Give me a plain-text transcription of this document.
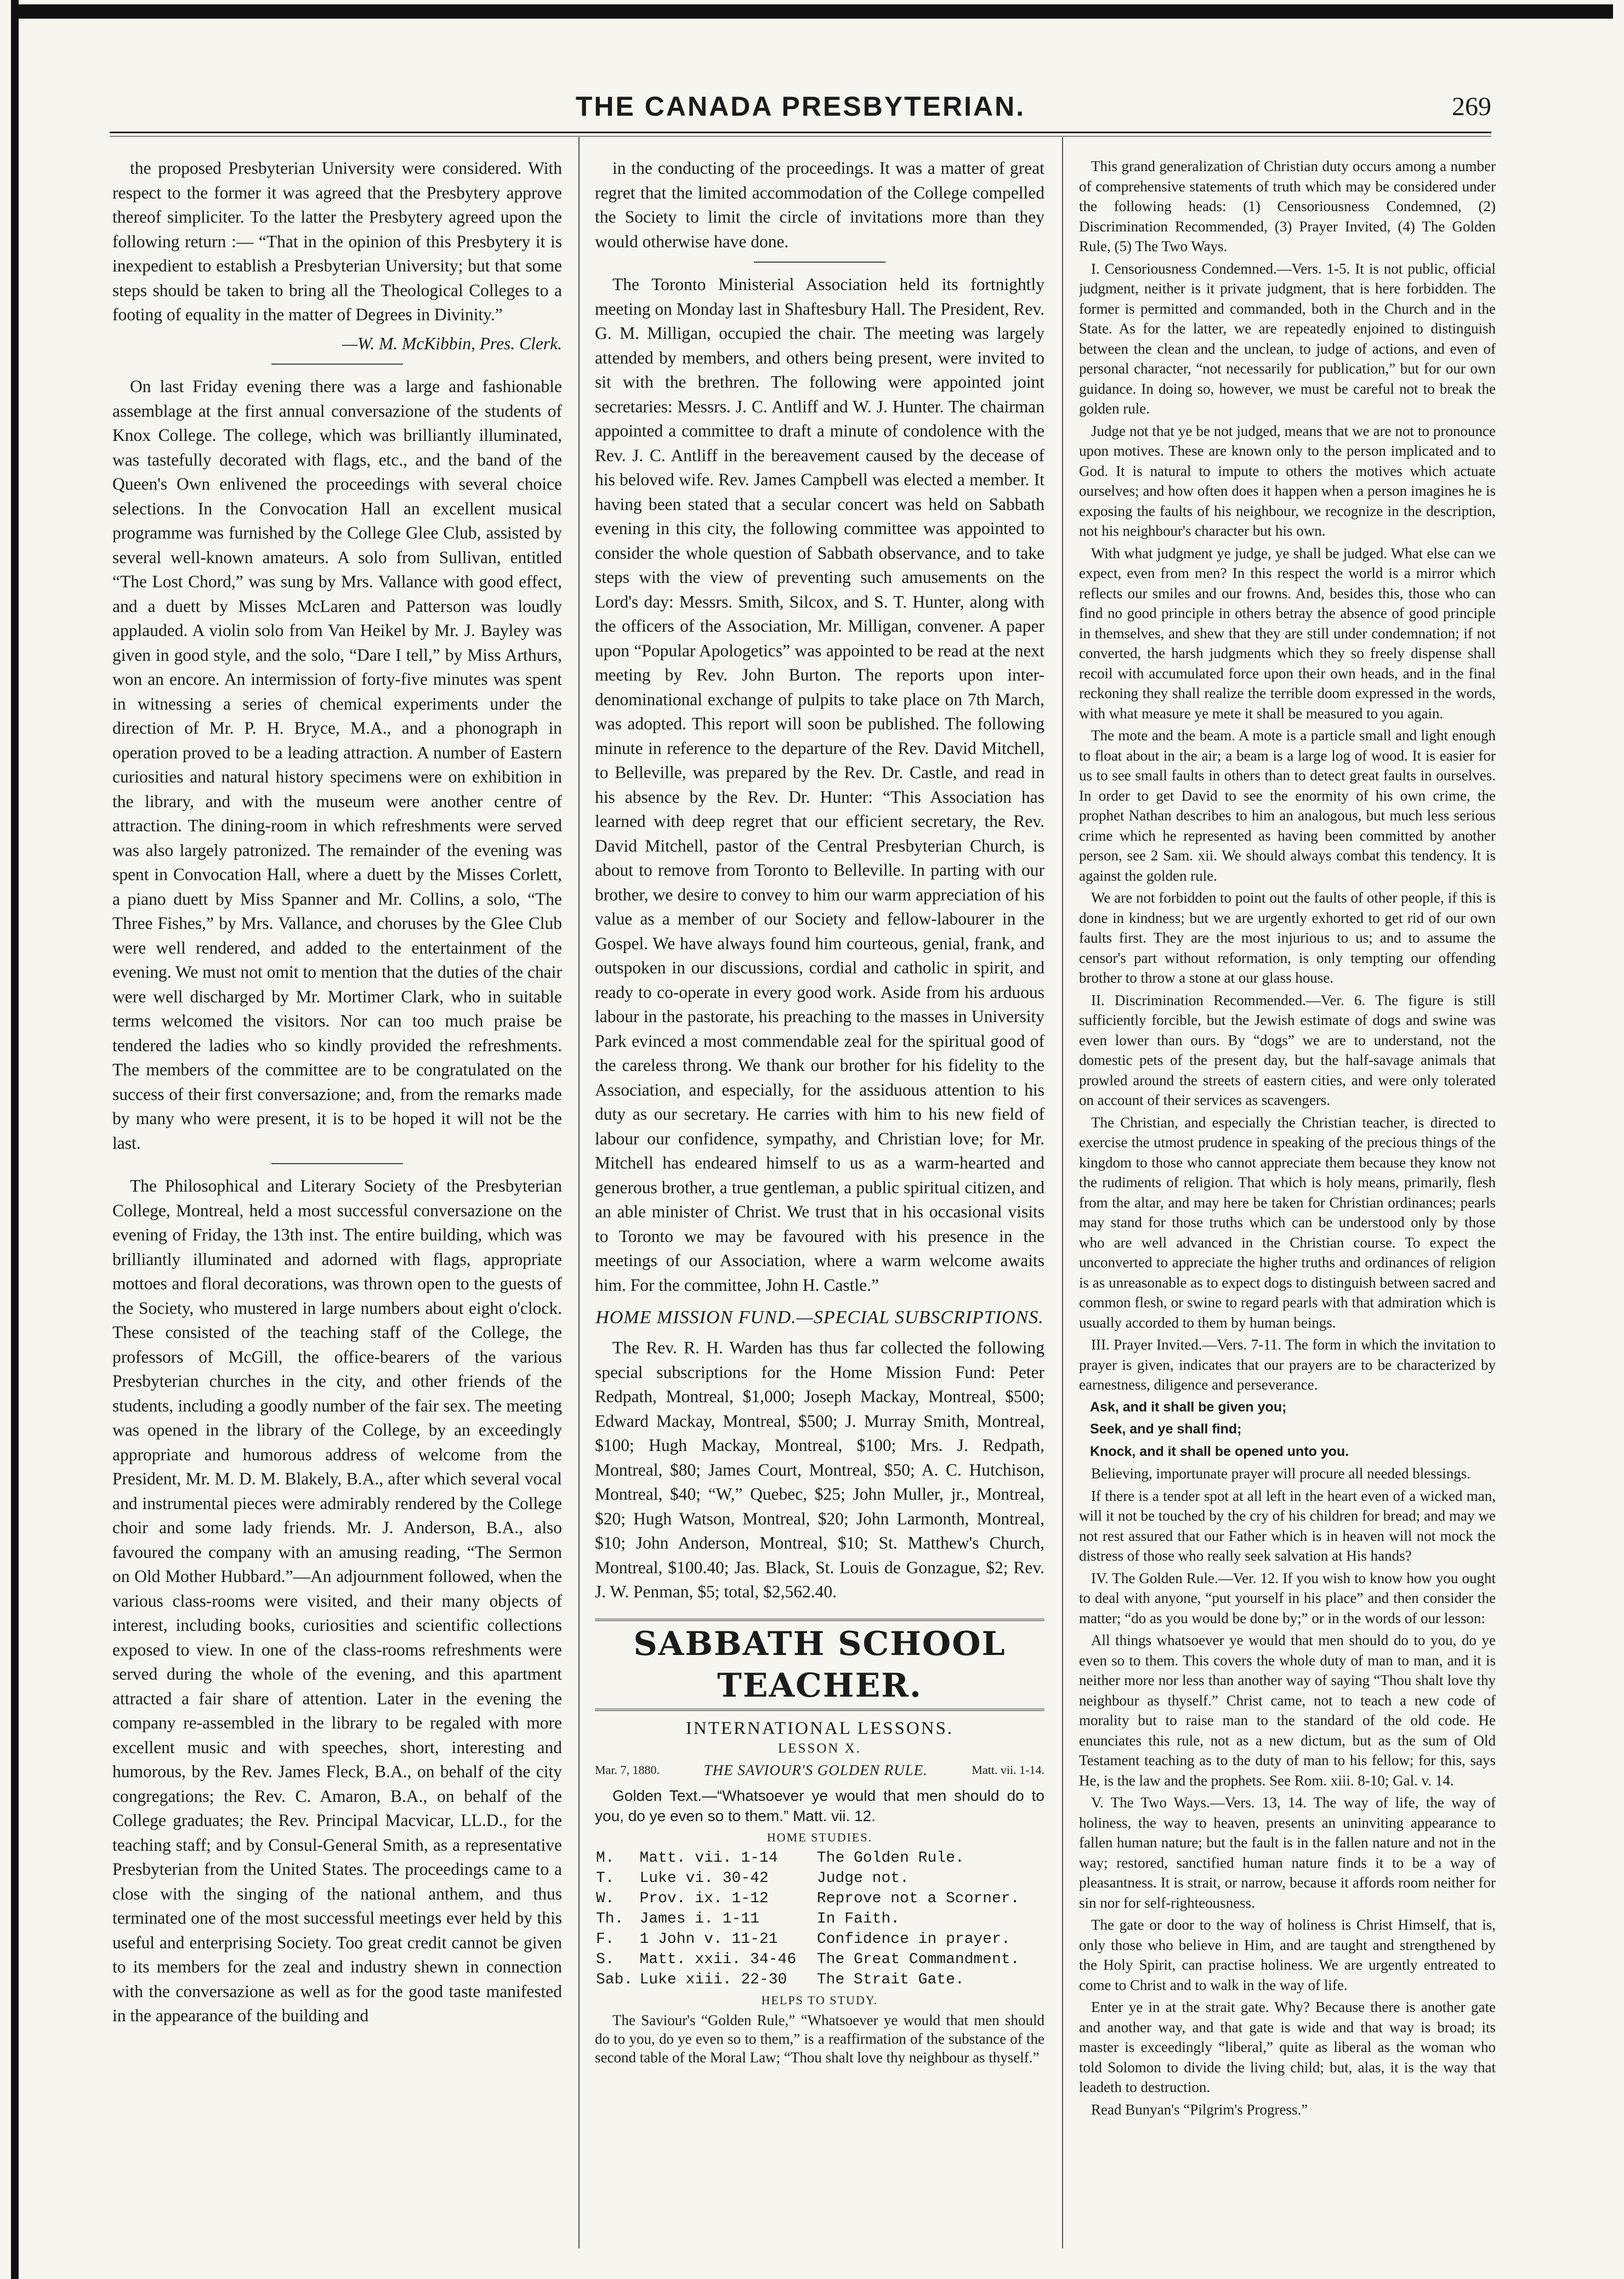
THE CANADA PRESBYTERIAN.	269

the proposed Presbyterian University were considered. With respect to the former it was agreed that the Presbytery approve thereof simpliciter. To the latter the Presbytery agreed upon the following return :— “That in the opinion of this Presbytery it is inexpedient to establish a Presbyterian University; but that some steps should be taken to bring all the Theological Colleges to a footing of equality in the matter of Degrees in Divinity.”

—W. M. McKibbin, Pres. Clerk.

On last Friday evening there was a large and fashionable assemblage at the first annual conversazione of the students of Knox College. The college, which was brilliantly illuminated, was tastefully decorated with flags, etc., and the band of the Queen's Own enlivened the proceedings with several choice selections. In the Convocation Hall an excellent musical programme was furnished by the College Glee Club, assisted by several well-known amateurs. A solo from Sullivan, entitled “The Lost Chord,” was sung by Mrs. Vallance with good effect, and a duett by Misses McLaren and Patterson was loudly applauded. A violin solo from Van Heikel by Mr. J. Bayley was given in good style, and the solo, “Dare I tell,” by Miss Arthurs, won an encore. An intermission of forty-five minutes was spent in witnessing a series of chemical experiments under the direction of Mr. P. H. Bryce, M.A., and a phonograph in operation proved to be a leading attraction. A number of Eastern curiosities and natural history specimens were on exhibition in the library, and with the museum were another centre of attraction. The dining-room in which refreshments were served was also largely patronized. The remainder of the evening was spent in Convocation Hall, where a duett by the Misses Corlett, a piano duett by Miss Spanner and Mr. Collins, a solo, “The Three Fishes,” by Mrs. Vallance, and choruses by the Glee Club were well rendered, and added to the entertainment of the evening. We must not omit to mention that the duties of the chair were well discharged by Mr. Mortimer Clark, who in suitable terms welcomed the visitors. Nor can too much praise be tendered the ladies who so kindly provided the refreshments. The members of the committee are to be congratulated on the success of their first conversazione; and, from the remarks made by many who were present, it is to be hoped it will not be the last.

The Philosophical and Literary Society of the Presbyterian College, Montreal, held a most successful conversazione on the evening of Friday, the 13th inst. The entire building, which was brilliantly illuminated and adorned with flags, appropriate mottoes and floral decorations, was thrown open to the guests of the Society, who mustered in large numbers about eight o'clock. These consisted of the teaching staff of the College, the professors of McGill, the office-bearers of the various Presbyterian churches in the city, and other friends of the students, including a goodly number of the fair sex. The meeting was opened in the library of the College, by an exceedingly appropriate and humorous address of welcome from the President, Mr. M. D. M. Blakely, B.A., after which several vocal and instrumental pieces were admirably rendered by the College choir and some lady friends. Mr. J. Anderson, B.A., also favoured the company with an amusing reading, “The Sermon on Old Mother Hubbard.”—An adjournment followed, when the various class-rooms were visited, and their many objects of interest, including books, curiosities and scientific collections exposed to view. In one of the class-rooms refreshments were served during the whole of the evening, and this apartment attracted a fair share of attention. Later in the evening the company re-assembled in the library to be regaled with more excellent music and with speeches, short, interesting and humorous, by the Rev. James Fleck, B.A., on behalf of the city congregations; the Rev. C. Amaron, B.A., on behalf of the College graduates; the Rev. Principal Macvicar, LL.D., for the teaching staff; and by Consul-General Smith, as a representative Presbyterian from the United States. The proceedings came to a close with the singing of the national anthem, and thus terminated one of the most successful meetings ever held by this useful and enterprising Society. Too great credit cannot be given to its members for the zeal and industry shewn in connection with the conversazione as well as for the good taste manifested in the appearance of the building and

in the conducting of the proceedings. It was a matter of great regret that the limited accommodation of the College compelled the Society to limit the circle of invitations more than they would otherwise have done.

The Toronto Ministerial Association held its fortnightly meeting on Monday last in Shaftesbury Hall. The President, Rev. G. M. Milligan, occupied the chair. The meeting was largely attended by members, and others being present, were invited to sit with the brethren. The following were appointed joint secretaries: Messrs. J. C. Antliff and W. J. Hunter. The chairman appointed a committee to draft a minute of condolence with the Rev. J. C. Antliff in the bereavement caused by the decease of his beloved wife. Rev. James Campbell was elected a member. It having been stated that a secular concert was held on Sabbath evening in this city, the following committee was appointed to consider the whole question of Sabbath observance, and to take steps with the view of preventing such amusements on the Lord's day: Messrs. Smith, Silcox, and S. T. Hunter, along with the officers of the Association, Mr. Milligan, convener. A paper upon “Popular Apologetics” was appointed to be read at the next meeting by Rev. John Burton. The reports upon inter-denominational exchange of pulpits to take place on 7th March, was adopted. This report will soon be published. The following minute in reference to the departure of the Rev. David Mitchell, to Belleville, was prepared by the Rev. Dr. Castle, and read in his absence by the Rev. Dr. Hunter: “This Association has learned with deep regret that our efficient secretary, the Rev. David Mitchell, pastor of the Central Presbyterian Church, is about to remove from Toronto to Belleville. In parting with our brother, we desire to convey to him our warm appreciation of his value as a member of our Society and fellow-labourer in the Gospel. We have always found him courteous, genial, frank, and outspoken in our discussions, cordial and catholic in spirit, and ready to co-operate in every good work. Aside from his arduous labour in the pastorate, his preaching to the masses in University Park evinced a most commendable zeal for the spiritual good of the careless throng. We thank our brother for his fidelity to the Association, and especially, for the assiduous attention to his duty as our secretary. He carries with him to his new field of labour our confidence, sympathy, and Christian love; for Mr. Mitchell has endeared himself to us as a warm-hearted and generous brother, a true gentleman, a public spiritual citizen, and an able minister of Christ. We trust that in his occasional visits to Toronto we may be favoured with his presence in the meetings of our Association, where a warm welcome awaits him. For the committee, John H. Castle.”

HOME MISSION FUND.—SPECIAL SUBSCRIPTIONS.

The Rev. R. H. Warden has thus far collected the following special subscriptions for the Home Mission Fund: Peter Redpath, Montreal, $1,000; Joseph Mackay, Montreal, $500; Edward Mackay, Montreal, $500; J. Murray Smith, Montreal, $100; Hugh Mackay, Montreal, $100; Mrs. J. Redpath, Montreal, $80; James Court, Montreal, $50; A. C. Hutchison, Montreal, $40; “W,” Quebec, $25; John Muller, jr., Montreal, $20; Hugh Watson, Montreal, $20; John Larmonth, Montreal, $10; John Anderson, Montreal, $10; St. Matthew's Church, Montreal, $100.40; Jas. Black, St. Louis de Gonzague, $2; Rev. J. W. Penman, $5; total, $2,562.40.

SABBATH SCHOOL TEACHER.
INTERNATIONAL LESSONS.
LESSON X.
Mar. 7, 1880.	THE SAVIOUR'S GOLDEN RULE.	Matt. vii. 1-14.

Golden Text.—“Whatsoever ye would that men should do to you, do ye even so to them.” Matt. vii. 12.

HOME STUDIES.
M.	Matt. vii. 1-14	The Golden Rule.
T.	Luke vi. 30-42	Judge not.
W.	Prov. ix. 1-12	Reprove not a Scorner.
Th.	James i. 1-11	In Faith.
F.	1 John v. 11-21	Confidence in prayer.
S.	Matt. xxii. 34-46	The Great Commandment.
Sab.	Luke xiii. 22-30	The Strait Gate.
HELPS TO STUDY.

The Saviour's “Golden Rule,” “Whatsoever ye would that men should do to you, do ye even so to them,” is a reaffirmation of the substance of the second table of the Moral Law; “Thou shalt love thy neighbour as thyself.”

This grand generalization of Christian duty occurs among a number of comprehensive statements of truth which may be considered under the following heads: (1) Censoriousness Condemned, (2) Discrimination Recommended, (3) Prayer Invited, (4) The Golden Rule, (5) The Two Ways.

I. Censoriousness Condemned.—Vers. 1-5. It is not public, official judgment, neither is it private judgment, that is here forbidden. The former is permitted and commanded, both in the Church and in the State. As for the latter, we are repeatedly enjoined to distinguish between the clean and the unclean, to judge of actions, and even of personal character, “not necessarily for publication,” but for our own guidance. In doing so, however, we must be careful not to break the golden rule.

Judge not that ye be not judged, means that we are not to pronounce upon motives. These are known only to the person implicated and to God. It is natural to impute to others the motives which actuate ourselves; and how often does it happen when a person imagines he is exposing the faults of his neighbour, we recognize in the description, not his neighbour's character but his own.

With what judgment ye judge, ye shall be judged. What else can we expect, even from men? In this respect the world is a mirror which reflects our smiles and our frowns. And, besides this, those who can find no good principle in others betray the absence of good principle in themselves, and shew that they are still under condemnation; if not converted, the harsh judgments which they so freely dispense shall recoil with accumulated force upon their own heads, and in the final reckoning they shall realize the terrible doom expressed in the words, with what measure ye mete it shall be measured to you again.

The mote and the beam. A mote is a particle small and light enough to float about in the air; a beam is a large log of wood. It is easier for us to see small faults in others than to detect great faults in ourselves. In order to get David to see the enormity of his own crime, the prophet Nathan describes to him an analogous, but much less serious crime which he represented as having been committed by another person, see 2 Sam. xii. We should always combat this tendency. It is against the golden rule.

We are not forbidden to point out the faults of other people, if this is done in kindness; but we are urgently exhorted to get rid of our own faults first. They are the most injurious to us; and to assume the censor's part without reformation, is only tempting our offending brother to throw a stone at our glass house.

II. Discrimination Recommended.—Ver. 6. The figure is still sufficiently forcible, but the Jewish estimate of dogs and swine was even lower than ours. By “dogs” we are to understand, not the domestic pets of the present day, but the half-savage animals that prowled around the streets of eastern cities, and were only tolerated on account of their services as scavengers.

The Christian, and especially the Christian teacher, is directed to exercise the utmost prudence in speaking of the precious things of the kingdom to those who cannot appreciate them because they know not the rudiments of religion. That which is holy means, primarily, flesh from the altar, and may here be taken for Christian ordinances; pearls may stand for those truths which can be understood only by those who are well advanced in the Christian course. To expect the unconverted to appreciate the higher truths and ordinances of religion is as unreasonable as to expect dogs to distinguish between sacred and common flesh, or swine to regard pearls with that admiration which is usually accorded to them by human beings.

III. Prayer Invited.—Vers. 7-11. The form in which the invitation to prayer is given, indicates that our prayers are to be characterized by earnestness, diligence and perseverance.

Ask, and it shall be given you;

Seek, and ye shall find;

Knock, and it shall be opened unto you.

Believing, importunate prayer will procure all needed blessings.

If there is a tender spot at all left in the heart even of a wicked man, will it not be touched by the cry of his children for bread; and may we not rest assured that our Father which is in heaven will not mock the distress of those who really seek salvation at His hands?

IV. The Golden Rule.—Ver. 12. If you wish to know how you ought to deal with anyone, “put yourself in his place” and then consider the matter; “do as you would be done by;” or in the words of our lesson:

All things whatsoever ye would that men should do to you, do ye even so to them. This covers the whole duty of man to man, and it is neither more nor less than another way of saying “Thou shalt love thy neighbour as thyself.” Christ came, not to teach a new code of morality but to raise man to the standard of the old code. He enunciates this rule, not as a new dictum, but as the sum of Old Testament teaching as to the duty of man to his fellow; for this, says He, is the law and the prophets. See Rom. xiii. 8-10; Gal. v. 14.

V. The Two Ways.—Vers. 13, 14. The way of life, the way of holiness, the way to heaven, presents an uninviting appearance to fallen human nature; but the fault is in the fallen nature and not in the way; restored, sanctified human nature finds it to be a way of pleasantness. It is strait, or narrow, because it affords room neither for sin nor for self-righteousness.

The gate or door to the way of holiness is Christ Himself, that is, only those who believe in Him, and are taught and strengthened by the Holy Spirit, can practise holiness. We are urgently entreated to come to Christ and to walk in the way of life.

Enter ye in at the strait gate. Why? Because there is another gate and another way, and that gate is wide and that way is broad; its master is exceedingly “liberal,” quite as liberal as the woman who told Solomon to divide the living child; but, alas, it is the way that leadeth to destruction.

Read Bunyan's “Pilgrim's Progress.”
